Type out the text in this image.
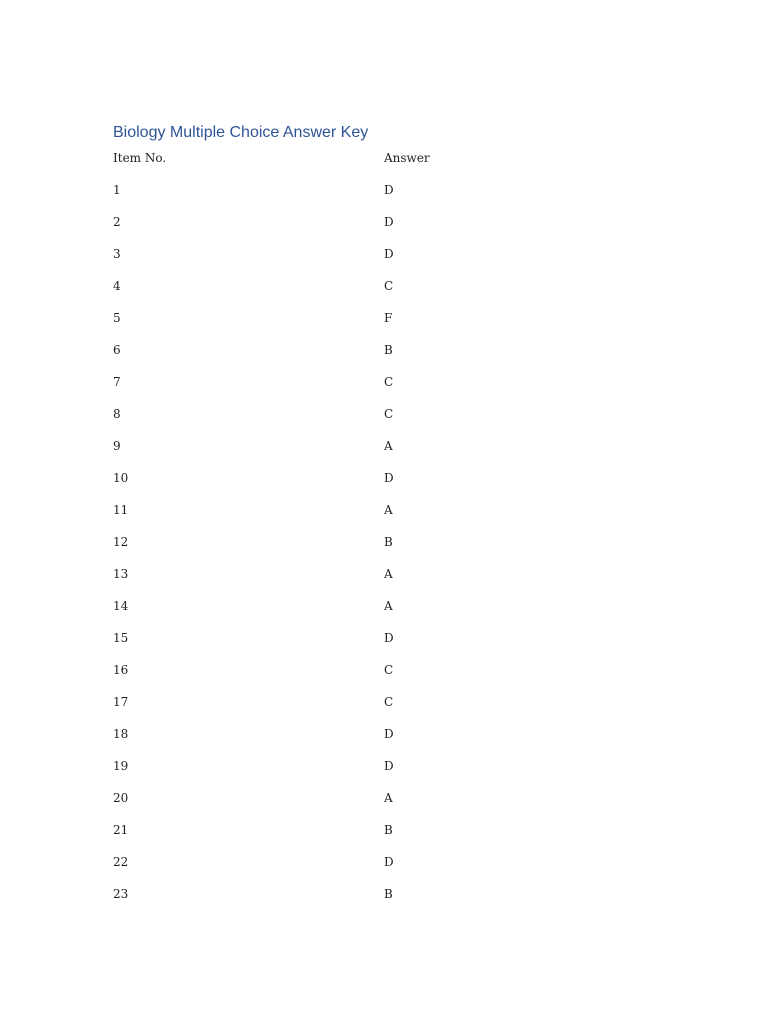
Biology Multiple Choice Answer Key
Item No.	Answer
1	D
2	D
3	D
4	C
5	F
6	B
7	C
8	C
9	A
10	D
11	A
12	B
13	A
14	A
15	D
16	C
17	C
18	D
19	D
20	A
21	B
22	D
23	B
